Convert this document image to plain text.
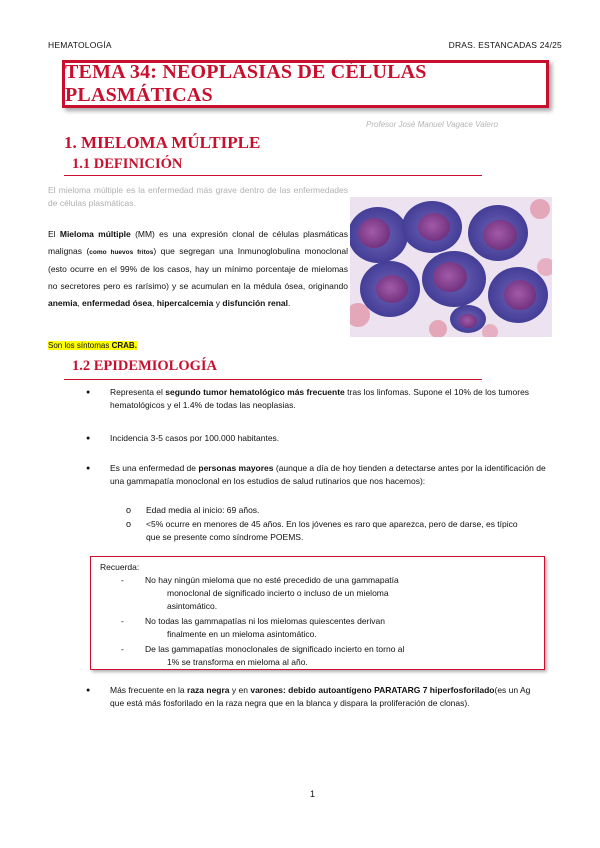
HEMATOLOGÍA	DRAS. ESTANCADAS 24/25
TEMA 34: NEOPLASIAS DE CÉLULAS PLASMÁTICAS
Profesor José Manuel Vagace Valero
1. MIELOMA MÚLTIPLE
1.1 DEFINICIÓN
El mieloma múltiple es la enfermedad más grave dentro de las enfermedades de células plasmáticas.
El Mieloma múltiple (MM) es una expresión clonal de células plasmáticas malignas (como huevos fritos) que segregan una Inmunoglobulina monoclonal (esto ocurre en el 99% de los casos, hay un mínimo porcentaje de mielomas no secretores pero es rarísimo) y se acumulan en la médula ósea, originando anemia, enfermedad ósea, hipercalcemia y disfunción renal.
Son los síntomas CRAB.
1.2 EPIDEMIOLOGÍA
● Representa el segundo tumor hematológico más frecuente tras los linfomas. Supone el 10% de los tumores hematológicos y el 1.4% de todas las neoplasias.
● Incidencia 3-5 casos por 100.000 habitantes.
● Es una enfermedad de personas mayores (aunque a día de hoy tienden a detectarse antes por la identificación de una gammapatía monoclonal en los estudios de salud rutinarios que nos hacemos):
o Edad media al inicio: 69 años.
o <5% ocurre en menores de 45 años. En los jóvenes es raro que aparezca, pero de darse, es típico que se presente como síndrome POEMS.
Recuerda:
- No hay ningún mieloma que no esté precedido de una gammapatía
monoclonal de significado incierto o incluso de un mieloma
asintomático.
- No todas las gammapatías ni los mielomas quiescentes derivan
finalmente en un mieloma asintomático.
- De las gammapatías monoclonales de significado incierto en torno al
1% se transforma en mieloma al año.
● Más frecuente en la raza negra y en varones: debido autoantígeno PARATARG 7 hiperfosforilado(es un Ag que está más fosforilado en la raza negra que en la blanca y dispara la proliferación de clonas).
1
